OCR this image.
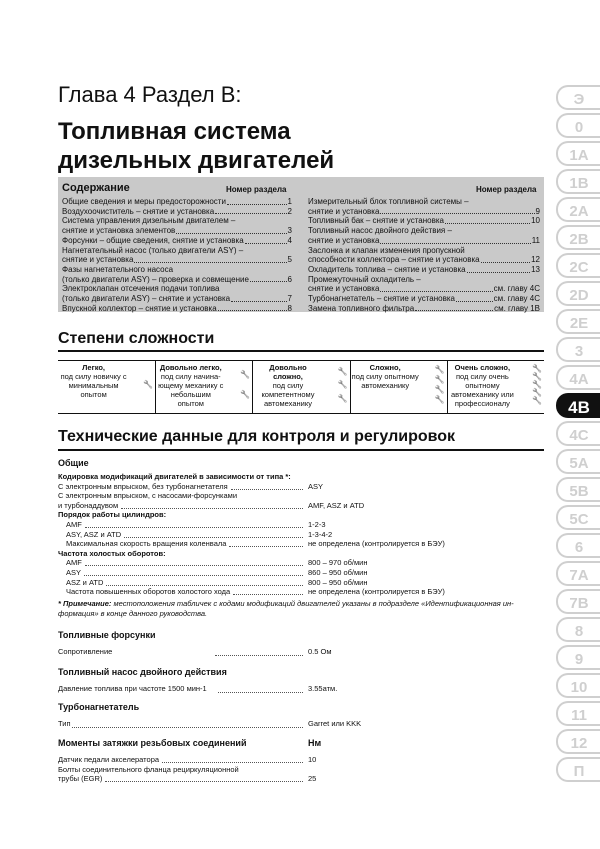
Глава 4 Раздел В:
Топливная система
дизельных двигателей
Содержание	Номер раздела	Номер раздела
Общие сведения и меры предосторожности	1
Воздухоочиститель – снятие и установка	2
Система управления дизельным двигателем –
снятие и установка элементов	3
Форсунки – общие сведения, снятие и установка	4
Нагнетательный насос (только двигатели ASY) –
снятие и установка	5
Фазы нагнетательного насоса
(только двигатели ASY) – проверка и совмещение	6
Электроклапан отсечения подачи топлива
(только двигатели ASY) – снятие и установка	7
Впускной коллектор – снятие и установка	8
Измерительный блок топливной системы –
снятие и установка	9
Топливный бак – снятие и установка	10
Топливный насос двойного действия –
снятие и установка	11
Заслонка и клапан изменения пропускной
способности коллектора – снятие и установка	12
Охладитель топлива – снятие и установка	13
Промежуточный охладитель –
снятие и установка	см. главу 4С
Турбонагнетатель – снятие и установка	см. главу 4С
Замена топливного фильтра	см. главу 1В
Степени сложности
Легко,
под силу новичку с минимальным опытом
🔧

Довольно легко,
под силу начина-ющему механику с небольшим опытом
🔧
🔧

Довольно сложно,
под силу компетентному автомеханику
🔧
🔧
🔧

Сложно,
под силу опытному автомеханику
🔧
🔧
🔧
🔧

Очень сложно,
под силу очень опытному автомеханику или профессионалу
🔧
🔧
🔧
🔧
🔧

Технические данные для контроля и регулировок
Общие
Кодировка модификаций двигателей в зависимости от типа *:
С электронным впрыском, без турбонагнетателя	ASY
С электронным впрыском, с насосами-форсунками
и турбонаддувом	AMF, ASZ и ATD
Порядок работы цилиндров:
AMF	1-2-3
ASY, ASZ и ATD	1-3-4-2
Максимальная скорость вращения коленвала	не определена (контролируется в БЭУ)
Частота холостых оборотов:
AMF	800 – 970 об/мин
ASY	860 – 950 об/мин
ASZ и ATD	800 – 950 об/мин
Частота повышенных оборотов холостого хода	не определена (контролируется в БЭУ)
* Примечание: местоположения табличек с кодами модификаций двигателей указаны в подразделе «Идентификационная ин-формация» в конце данного руководства.
Топливные форсунки
Сопротивление	0.5 Ом
Топливный насос двойного действия
Давление топлива при частоте 1500 мин-1	3.55атм.
Турбонагнетатель
Тип	Garret или KKK
Моменты затяжки резьбовых соединений	Нм
Датчик педали акселератора	10
Болты соединительного фланца рециркуляционной
трубы (EGR)	25
Э
0
1A
1B
2A
2B
2C
2D
2E
3
4A
4B
4C
5A
5B
5C
6
7A
7B
8
9
10
11
12
П
